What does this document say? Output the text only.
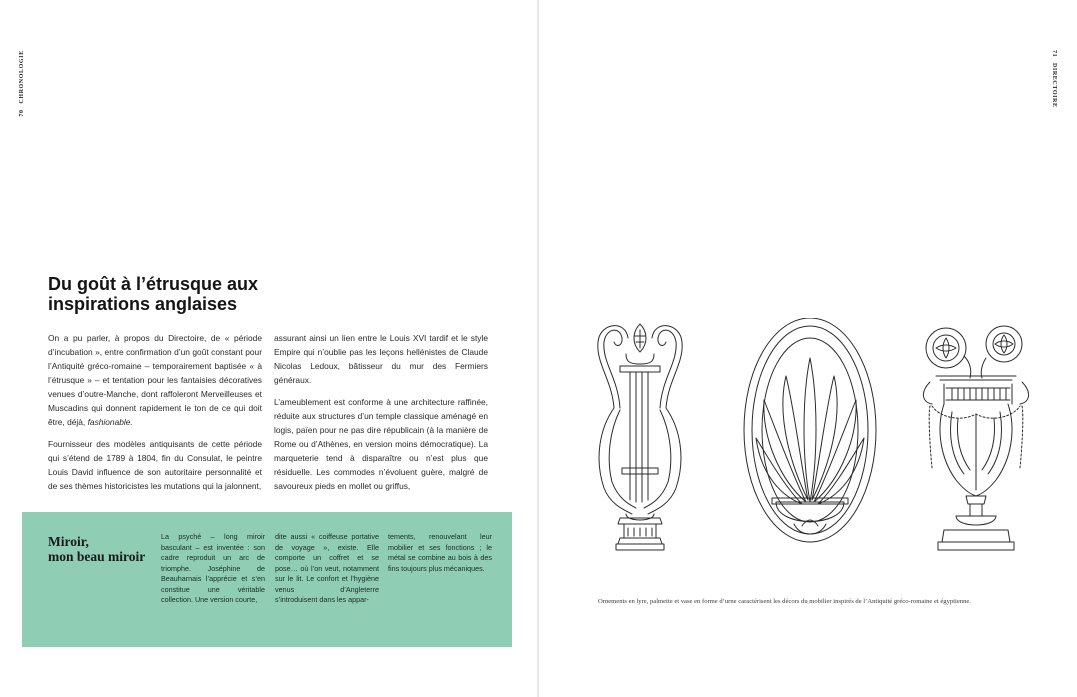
70 CHRONOLOGIE
Du goût à l’étrusque aux
inspirations anglaises

On a pu parler, à propos du Directoire, de « période d’incubation », entre confirmation d’un goût constant pour l’Antiquité gréco-romaine – temporairement baptisée « à l’étrusque » – et tentation pour les fantaisies décoratives venues d’outre-Manche, dont raffoleront Merveilleuses et Muscadins qui donnent rapidement le ton de ce qui doit être, déjà, fashionable.

Fournisseur des modèles antiquisants de cette période qui s’étend de 1789 à 1804, fin du Consulat, le peintre Louis David influence de son autoritaire personnalité et de ses thèmes historicistes les mutations qui la jalonnent,

assurant ainsi un lien entre le Louis XVI tardif et le style Empire qui n’oublie pas les leçons hellénistes de Claude Nicolas Ledoux, bâtisseur du mur des Fermiers généraux.

L’ameublement est conforme à une architecture raffinée, réduite aux structures d’un temple classique aménagé en logis, païen pour ne pas dire républicain (à la manière de Rome ou d’Athènes, en version moins démocratique). La marqueterie tend à disparaître ou n’est plus que résiduelle. Les commodes n’évoluent guère, malgré de savoureux pieds en mollet ou griffus,

Miroir,
mon beau miroir
La psyché – long miroir basculant – est inventée : son cadre reproduit un arc de triomphe. Joséphine de Beauharnais l’apprécie et s’en constitue une véritable collection. Une version courte,
dite aussi « coiffeuse portative de voyage », existe. Elle comporte un coffret et se pose… où l’on veut, notamment sur le lit. Le confort et l’hygiène venus d’Angleterre s’introduisent dans les appar-
tements, renouvelant leur mobilier et ses fonctions ; le métal se combine au bois à des fins toujours plus mécaniques.
71 DIRECTOIRE

Ornements en lyre, palmette et vase en forme d’urne caractérisent les décors du mobilier inspirés de l’Antiquité gréco-romaine et égyptienne.
